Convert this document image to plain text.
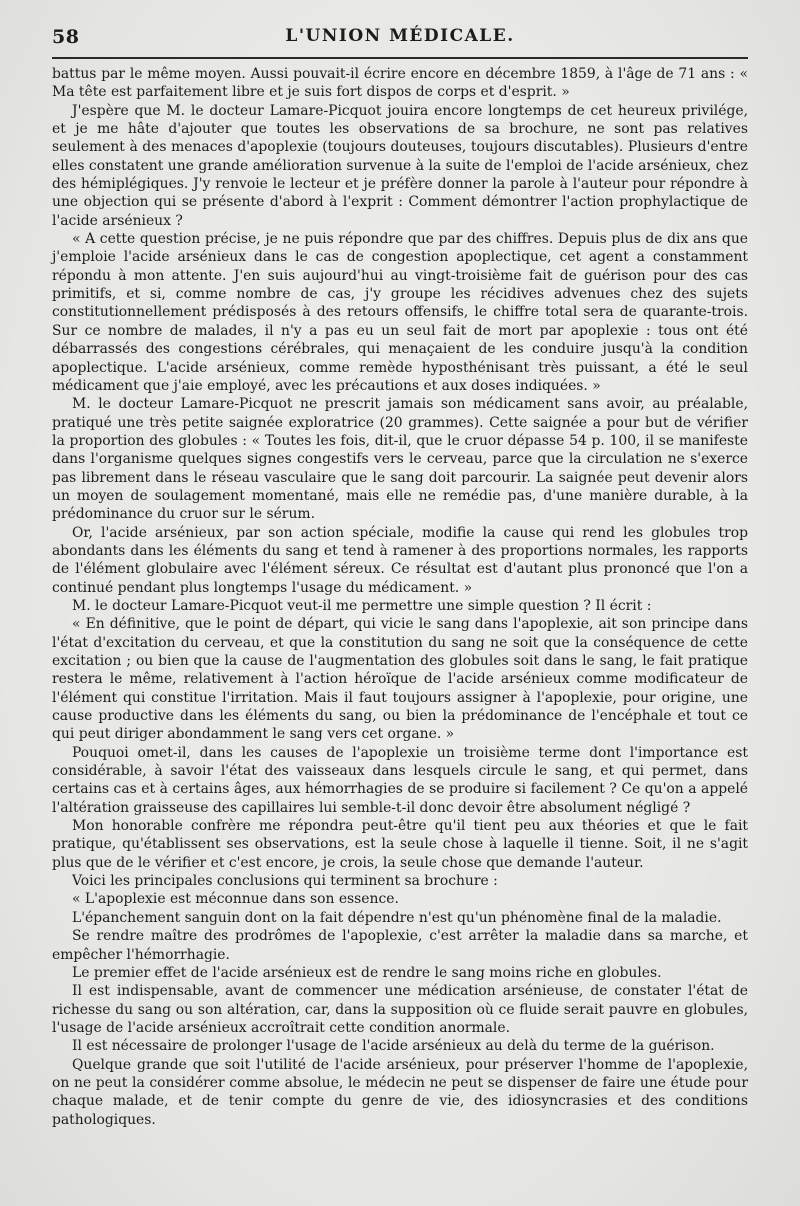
58	L'UNION MÉDICALE.

battus par le même moyen. Aussi pouvait-il écrire encore en décembre 1859, à l'âge de 71 ans : « Ma tête est parfaitement libre et je suis fort dispos de corps et d'esprit. »

J'espère que M. le docteur Lamare-Picquot jouira encore longtemps de cet heureux privilége, et je me hâte d'ajouter que toutes les observations de sa brochure, ne sont pas relatives seulement à des menaces d'apoplexie (toujours douteuses, toujours discutables). Plusieurs d'entre elles constatent une grande amélioration survenue à la suite de l'emploi de l'acide arsénieux, chez des hémiplégiques. J'y renvoie le lecteur et je préfère donner la parole à l'auteur pour répondre à une objection qui se présente d'abord à l'exprit : Comment démontrer l'action prophylactique de l'acide arsénieux ?

« A cette question précise, je ne puis répondre que par des chiffres. Depuis plus de dix ans que j'emploie l'acide arsénieux dans le cas de congestion apoplectique, cet agent a constamment répondu à mon attente. J'en suis aujourd'hui au vingt-troisième fait de guérison pour des cas primitifs, et si, comme nombre de cas, j'y groupe les récidives advenues chez des sujets constitutionnellement prédisposés à des retours offensifs, le chiffre total sera de quarante-trois. Sur ce nombre de malades, il n'y a pas eu un seul fait de mort par apoplexie : tous ont été débarrassés des congestions cérébrales, qui menaçaient de les conduire jusqu'à la condition apoplectique. L'acide arsénieux, comme remède hyposthénisant très puissant, a été le seul médicament que j'aie employé, avec les précautions et aux doses indiquées. »

M. le docteur Lamare-Picquot ne prescrit jamais son médicament sans avoir, au préalable, pratiqué une très petite saignée exploratrice (20 grammes). Cette saignée a pour but de vérifier la proportion des globules : « Toutes les fois, dit-il, que le cruor dépasse 54 p. 100, il se manifeste dans l'organisme quelques signes congestifs vers le cerveau, parce que la circulation ne s'exerce pas librement dans le réseau vasculaire que le sang doit parcourir. La saignée peut devenir alors un moyen de soulagement momentané, mais elle ne remédie pas, d'une manière durable, à la prédominance du cruor sur le sérum.

Or, l'acide arsénieux, par son action spéciale, modifie la cause qui rend les globules trop abondants dans les éléments du sang et tend à ramener à des proportions normales, les rapports de l'élément globulaire avec l'élément séreux. Ce résultat est d'autant plus prononcé que l'on a continué pendant plus longtemps l'usage du médicament. »

M. le docteur Lamare-Picquot veut-il me permettre une simple question ? Il écrit :

« En définitive, que le point de départ, qui vicie le sang dans l'apoplexie, ait son principe dans l'état d'excitation du cerveau, et que la constitution du sang ne soit que la conséquence de cette excitation ; ou bien que la cause de l'augmentation des globules soit dans le sang, le fait pratique restera le même, relativement à l'action héroïque de l'acide arsénieux comme modificateur de l'élément qui constitue l'irritation. Mais il faut toujours assigner à l'apoplexie, pour origine, une cause productive dans les éléments du sang, ou bien la prédominance de l'encéphale et tout ce qui peut diriger abondamment le sang vers cet organe. »

Pouquoi omet-il, dans les causes de l'apoplexie un troisième terme dont l'importance est considérable, à savoir l'état des vaisseaux dans lesquels circule le sang, et qui permet, dans certains cas et à certains âges, aux hémorrhagies de se produire si facilement ? Ce qu'on a appelé l'altération graisseuse des capillaires lui semble-t-il donc devoir être absolument négligé ?

Mon honorable confrère me répondra peut-être qu'il tient peu aux théories et que le fait pratique, qu'établissent ses observations, est la seule chose à laquelle il tienne. Soit, il ne s'agit plus que de le vérifier et c'est encore, je crois, la seule chose que demande l'auteur.

Voici les principales conclusions qui terminent sa brochure :

« L'apoplexie est méconnue dans son essence.

L'épanchement sanguin dont on la fait dépendre n'est qu'un phénomène final de la maladie.

Se rendre maître des prodrômes de l'apoplexie, c'est arrêter la maladie dans sa marche, et empêcher l'hémorrhagie.

Le premier effet de l'acide arsénieux est de rendre le sang moins riche en globules.

Il est indispensable, avant de commencer une médication arsénieuse, de constater l'état de richesse du sang ou son altération, car, dans la supposition où ce fluide serait pauvre en globules, l'usage de l'acide arsénieux accroîtrait cette condition anormale.

Il est nécessaire de prolonger l'usage de l'acide arsénieux au delà du terme de la guérison.

Quelque grande que soit l'utilité de l'acide arsénieux, pour préserver l'homme de l'apoplexie, on ne peut la considérer comme absolue, le médecin ne peut se dispenser de faire une étude pour chaque malade, et de tenir compte du genre de vie, des idiosyncrasies et des conditions pathologiques.
